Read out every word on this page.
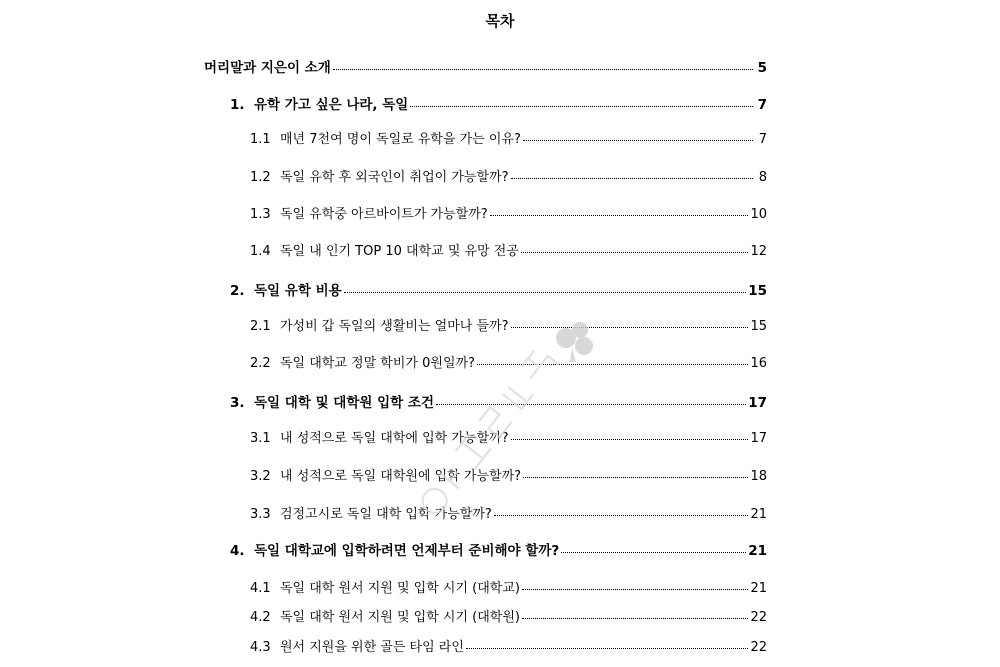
목차
머리말과 지은이 소개	5
1. 유학 가고 싶은 나라, 독일	7
1.1 매년 7천여 명이 독일로 유학을 가는 이유?	7
1.2 독일 유학 후 외국인이 취업이 가능할까?	8
1.3 독일 유학중 아르바이트가 가능할까?	10
1.4 독일 내 인기 TOP 10 대학교 및 유망 전공	12
2. 독일 유학 비용	15
2.1 가성비 갑 독일의 생활비는 얼마나 들까?	15
2.2 독일 대학교 정말 학비가 0원일까?	16
3. 독일 대학 및 대학원 입학 조건	17
3.1 내 성적으로 독일 대학에 입학 가능할까?	17
3.2 내 성적으로 독일 대학원에 입학 가능할까?	18
3.3 검정고시로 독일 대학 입학 가능할까?	21
4. 독일 대학교에 입학하려면 언제부터 준비해야 할까?	21
4.1 독일 대학 원서 지원 및 입학 시기 (대학교)	21
4.2 독일 대학 원서 지원 및 입학 시기 (대학원)	22
4.3 원서 지원을 위한 골든 타임 라인	22
